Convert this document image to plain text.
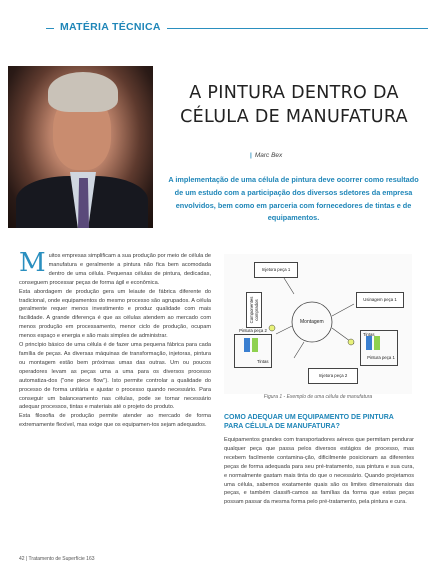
MATÉRIA TÉCNICA
A PINTURA DENTRO DA
CÉLULA DE MANUFATURA
| Marc Bex

A implementação de uma célula de pintura deve ocorrer como resultado de um estudo com a participação dos diversos sdetores da empresa envolvidos, bem como em parceria com fornecedores de tintas e de equipamentos.

Muitos empresas simplificam a sua produção por meio de célula de manufatura e geralmente a pintura não fica bem acomodada dentro de uma célula. Pequenas células de pintura, dedicadas, conseguem processar peças de forma ágil e econômica.

Esta abordagem de produção gera um leiaute de fábrica diferente do tradicional, onde equipamentos do mesmo processo são agrupados. A célula geralmente requer menos investimento e produz qualidade com mais facilidade. A grande diferença é que as células atendem ao mercado com menos produção em processamento, menor ciclo de produção, ocupam menos espaço e energia e são mais simples de administrar.

O princípio básico de uma célula é de fazer uma pequena fábrica para cada família de peças. As diversas máquinas de transformação, injetoras, pintura ou montagem estão bem próximas umas das outras. Um ou poucos operadores levam as peças uma a uma para os diversos processo automatiza-dos ("one piece flow"). Isto permite controlar a qualidade do processo de forma unitária e ajustar o processo quando necessário. Para conseguir um balanceamento nas células, pode se tornar necessário adequar processos, tintas e materiais até o projeto do produto.

Esta filosofia de produção permite atender ao mercado de forma extremamente flexível, mas exige que os equipamen-tos sejam adequados.

Injetora peça 1
Componentes comprados
Montagem
Usinagem peça 1
Pintura peça 2
Tintas
Tintas
Pintura peça 1
Injetora peça 2
Figura 1 - Exemplo de uma célula de manufatura
COMO ADEQUAR UM EQUIPAMENTO DE PINTURA PARA CÉLULA DE MANUFATURA?

Equipamentos grandes com transportadores aéreos que permitam pendurar qualquer peça que passa pelos diversos estágios de processo, mas recebem facilmente contamina-ção, dificilmente posicionam as diferentes peças de forma adequada para seu pré-tratamento, sua pintura e sua cura, e normalmente gastam mais tinta do que o necessário. Quando projetamos uma célula, sabemos exatamente quais são os limites dimensionais das peças, e também classifi-camos as famílias da forma que estas peças possam passar da mesma forma pelo pré-tratamento, pela pintura e cura.

42 | Tratamento de Superfície 163
